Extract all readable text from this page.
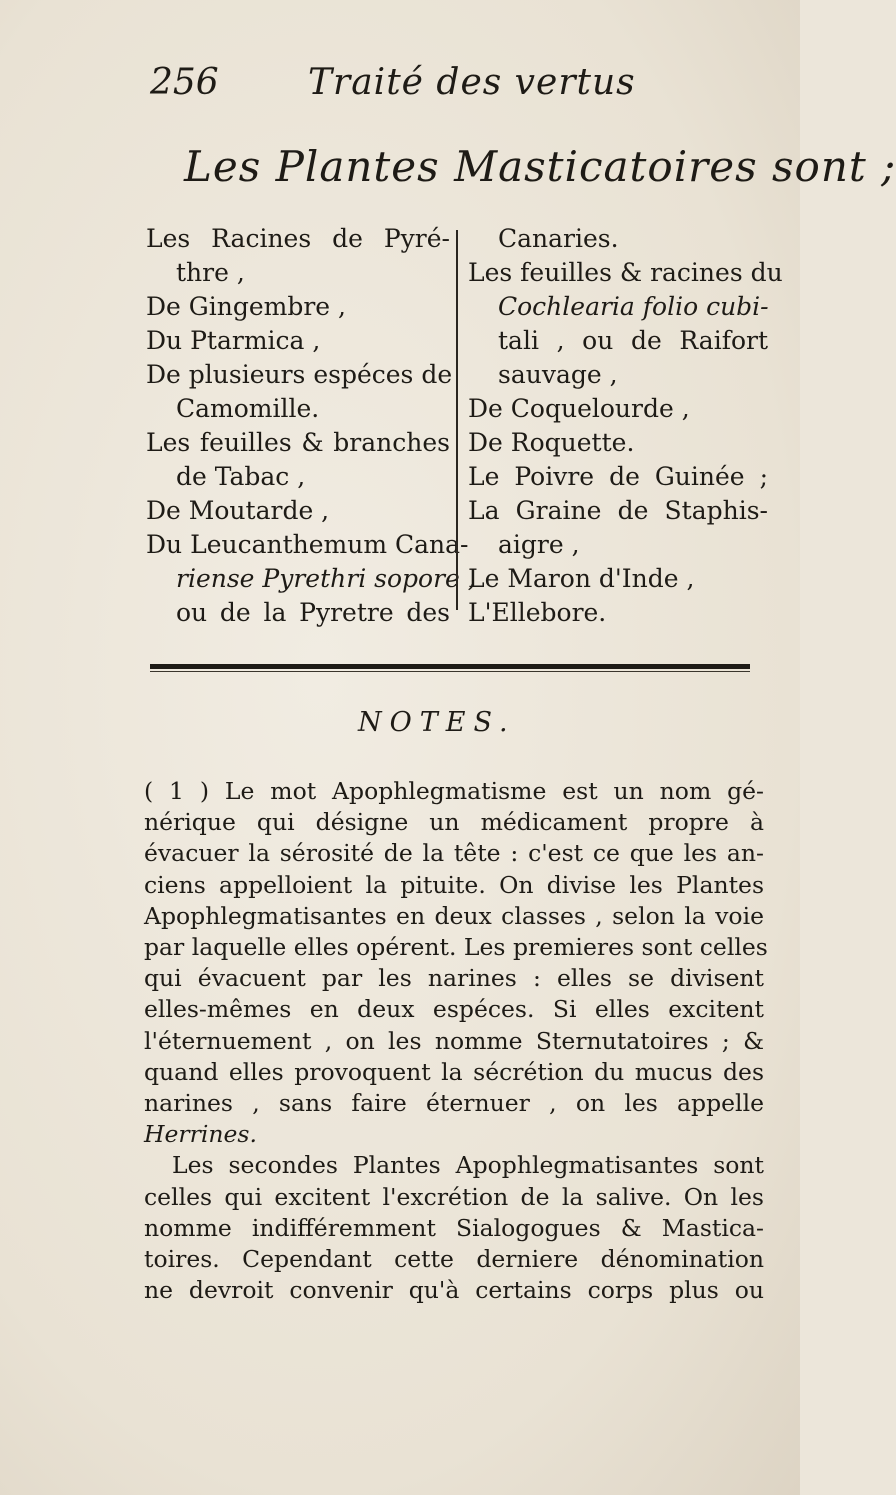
256 Traité des vertus
Les Plantes Masticatoires sont ;
Les Racines de Pyré-
thre ,
De Gingembre ,
Du Ptarmica ,
De plusieurs espéces de
Camomille.
Les feuilles & branches
de Tabac ,
De Moutarde ,
Du Leucanthemum Cana-
riense Pyrethri sopore ,
ou de la Pyretre des
Canaries.
Les feuilles & racines du
Cochlearia folio cubi-
tali , ou de Raifort
sauvage ,
De Coquelourde ,
De Roquette.
Le Poivre de Guinée ;
La Graine de Staphis-
aigre ,
Le Maron d'Inde ,
L'Ellebore.
NOTES.
( 1 ) Le mot Apophlegmatisme est un nom gé-
nérique qui désigne un médicament propre à
évacuer la sérosité de la tête : c'est ce que les an-
ciens appelloient la pituite. On divise les Plantes
Apophlegmatisantes en deux classes , selon la voie
par laquelle elles opérent. Les premieres sont celles
qui évacuent par les narines : elles se divisent
elles-mêmes en deux espéces. Si elles excitent
l'éternuement , on les nomme Sternutatoires ; &
quand elles provoquent la sécrétion du mucus des
narines , sans faire éternuer , on les appelle
Herrines.
Les secondes Plantes Apophlegmatisantes sont
celles qui excitent l'excrétion de la salive. On les
nomme indifféremment Sialogogues & Mastica-
toires. Cependant cette derniere dénomination
ne devroit convenir qu'à certains corps plus ou
